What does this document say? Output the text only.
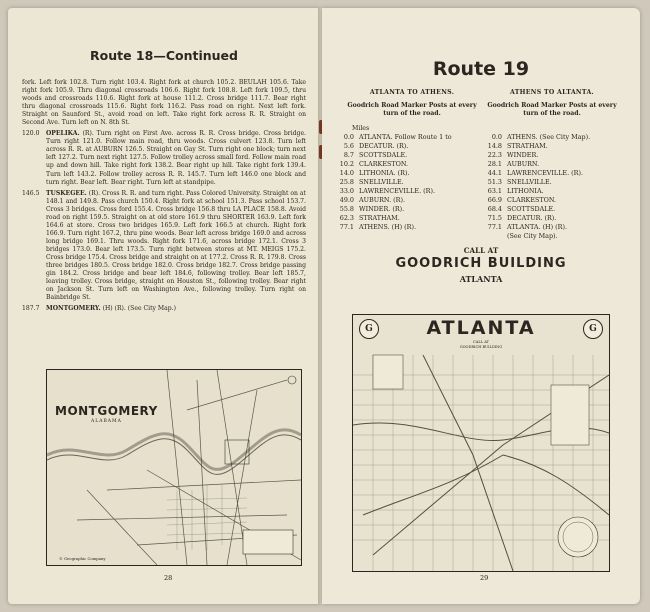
Route 18—Continued

fork. Left fork 102.8. Turn right 103.4. Right fork at church 105.2. BEULAH 105.6. Take right fork 105.9. Thru diagonal crossroads 106.6. Right fork 108.8. Left fork 109.5, thru woods and crossroads 110.6. Right fork at house 111.2. Cross bridge 111.7. Bear right thru diagonal crossroads 115.6. Right fork 116.2. Pass road on right. Next left fork. Straight on Saunford St., avoid road on left. Take right fork across R. R. Straight on Second Ave. Turn left on N. 8th St.

120.0 OPELIKA. (R). Turn right on First Ave. across R. R. Cross bridge. Cross bridge. Turn right 121.0. Follow main road, thru woods. Cross culvert 123.8. Turn left across R. R. at AUBURN 126.5. Straight on Gay St. Turn right one block; turn next left 127.2. Turn next right 127.5. Follow trolley across small ford. Follow main road up and down hill. Take right fork 138.2. Bear right up hill. Take right fork 139.4. Turn left 143.2. Follow trolley across R. R. 145.7. Turn left 146.0 one block and turn right. Bear left. Bear right. Turn left at standpipe.

146.5 TUSKEGEE. (R). Cross R. R. and turn right. Pass Colored University. Straight on at 148.1 and 149.8. Pass church 150.4. Right fork at school 151.3. Pass school 153.7. Cross 3 bridges. Cross ford 155.4. Cross bridge 156.8 thru LA PLACE 158.8. Avoid road on right 159.5. Straight on at old store 161.9 thru SHORTER 163.9. Left fork 164.6 at store. Cross two bridges 165.9. Left fork 166.5 at church. Right fork 166.9. Turn right 167.2, thru pine woods. Bear left across bridge 169.0 and across long bridge 169.1. Thru woods. Right fork 171.6, across bridge 172.1. Cross 3 bridges 173.0. Bear left 173.5. Turn right between stores at MT. MEIGS 175.2. Cross bridge 175.4. Cross bridge and straight on at 177.2. Cross R. R. 179.8. Cross three bridges 180.5. Cross bridge 182.0. Cross bridge 182.7. Cross bridge passing gin 184.2. Cross bridge and bear left 184.6, following trolley. Bear left 185.7, leaving trolley. Cross bridge, straight on Houston St., following trolley. Bear right on Jackson St. Turn left on Washington Ave., following trolley. Turn right on Bainbridge St.

187.7 MONTGOMERY. (H) (R). (See City Map.)

MONTGOMERY
ALABAMA
© Geographic Company
28
Route 19
ATLANTA TO ATHENS.	ATHENS TO ALTANTA.
Goodrich Road Marker Posts at every turn of the road.
Goodrich Road Marker Posts at every turn of the road.
Miles
0.0 ATLANTA. Follow Route 1 to
5.6 DECATUR. (R).
8.7 SCOTTSDALE.
10.2 CLARKESTON.
14.0 LITHONIA. (R).
25.8 SNELLVILLE.
33.0 LAWRENCEVILLE. (R).
49.0 AUBURN. (R).
55.8 WINDER. (R).
62.3 STRATHAM.
77.1 ATHENS. (H) (R).
0.0 ATHENS. (See City Map).
14.8 STRATHAM.
22.3 WINDER.
28.1 AUBURN.
44.1 LAWRENCEVILLE. (R).
51.3 SNELLVILLE.
63.1 LITHONIA.
66.9 CLARKESTON.
68.4 SCOTTSDALE.
71.5 DECATUR. (R).
77.1 ATLANTA. (H) (R).
(See City Map).
CALL AT
GOODRICH BUILDING
ATLANTA
G	G
ATLANTA
CALL AT
GOODRICH BUILDING
29
